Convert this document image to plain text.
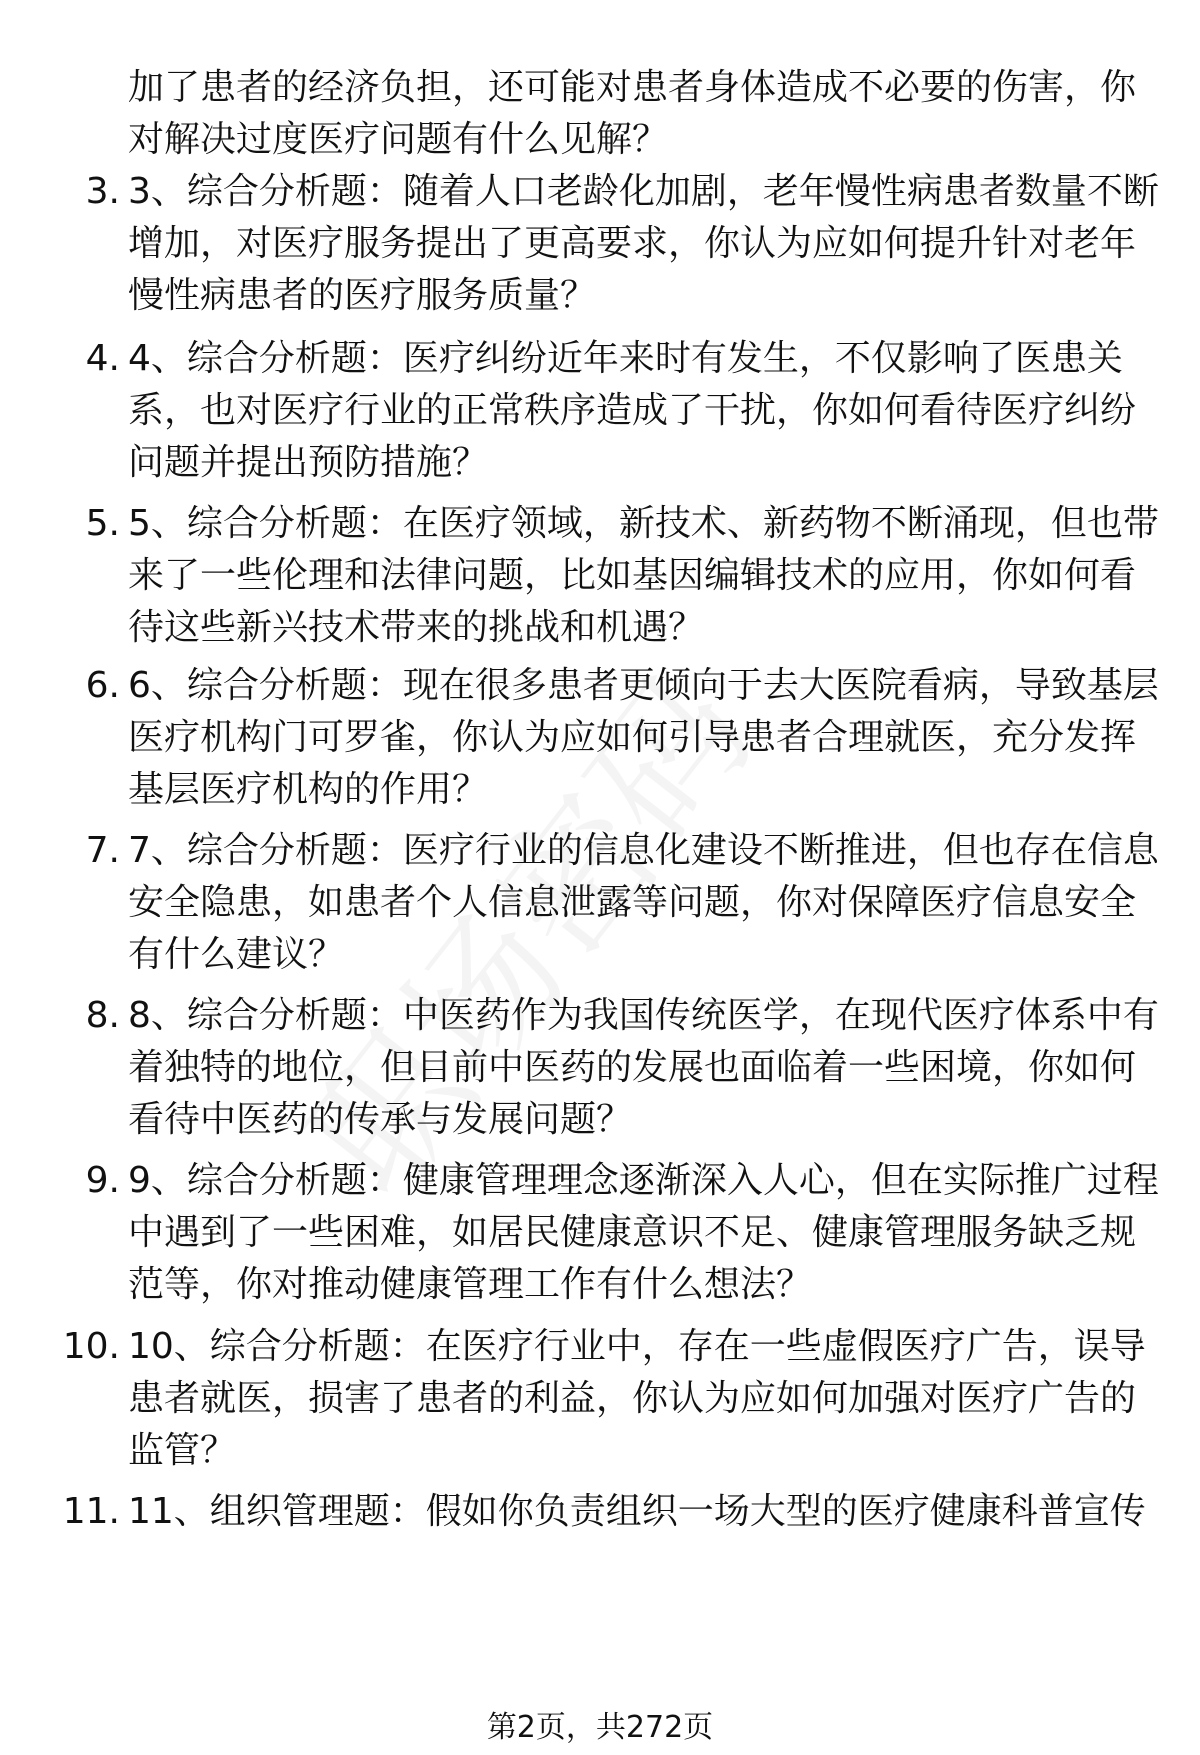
加了患者的经济负担，还可能对患者身体造成不必要的伤害，你对解决过度医疗问题有什么见解？
3. 3、综合分析题：随着人口老龄化加剧，老年慢性病患者数量不断增加，对医疗服务提出了更高要求，你认为应如何提升针对老年慢性病患者的医疗服务质量？
4. 4、综合分析题：医疗纠纷近年来时有发生，不仅影响了医患关系，也对医疗行业的正常秩序造成了干扰，你如何看待医疗纠纷问题并提出预防措施？
5. 5、综合分析题：在医疗领域，新技术、新药物不断涌现，但也带来了一些伦理和法律问题，比如基因编辑技术的应用，你如何看待这些新兴技术带来的挑战和机遇？
6. 6、综合分析题：现在很多患者更倾向于去大医院看病，导致基层医疗机构门可罗雀，你认为应如何引导患者合理就医，充分发挥基层医疗机构的作用？
7. 7、综合分析题：医疗行业的信息化建设不断推进，但也存在信息安全隐患，如患者个人信息泄露等问题，你对保障医疗信息安全有什么建议？
8. 8、综合分析题：中医药作为我国传统医学，在现代医疗体系中有着独特的地位，但目前中医药的发展也面临着一些困境，你如何看待中医药的传承与发展问题？
9. 9、综合分析题：健康管理理念逐渐深入人心，但在实际推广过程中遇到了一些困难，如居民健康意识不足、健康管理服务缺乏规范等，你对推动健康管理工作有什么想法？
10. 10、综合分析题：在医疗行业中，存在一些虚假医疗广告，误导患者就医，损害了患者的利益，你认为应如何加强对医疗广告的监管？
11. 11、组织管理题：假如你负责组织一场大型的医疗健康科普宣传
第2页，共272页
